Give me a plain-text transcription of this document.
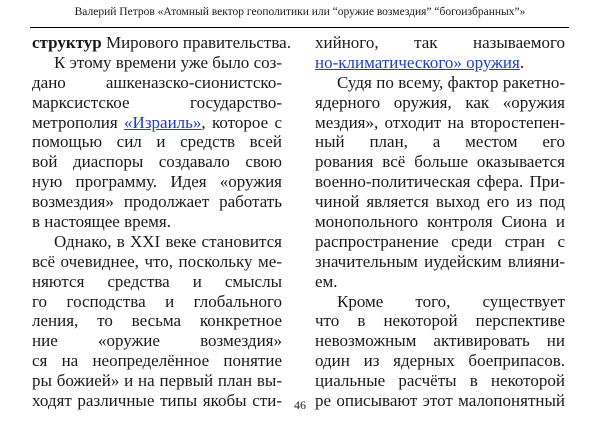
Валерий Петров «Атомный вектор геополитики или “оружие возмездия” “богоизбранных”»
структур Мирового правительства.
К этому времени уже было соз-
дано ашкеназско-сионистско-
марксистское государство-
метрополия «Израиль», которое с
помощью сил и средств всей
вой диаспоры создавало свою
ную программу. Идея «оружия
возмездия» продолжает работать
в настоящее время.
Однако, в XXI веке становится
всё очевиднее, что, поскольку ме-
няются средства и смыслы
го господства и глобального
ления, то весьма конкретное
ние «оружие возмездия»
ся на неопределённое понятие
ры божией» и на первый план вы-
ходят различные типы якобы сти-
хийного, так называемого
но-климатического» оружия.
Судя по всему, фактор ракетно-
ядерного оружия, как «оружия
мездия», отходит на второстепен-
ный план, а местом его
рования всё больше оказывается
военно-политическая сфера. При-
чиной является выход его из под
монопольного контроля Сиона и
распространение среди стран с
значительным иудейским влияни-
ем.
Кроме того, существует
что в некоторой перспективе
невозможным активировать ни
один из ядерных боеприпасов.
циальные расчёты в некоторой
ре описывают этот малопонятный
46
